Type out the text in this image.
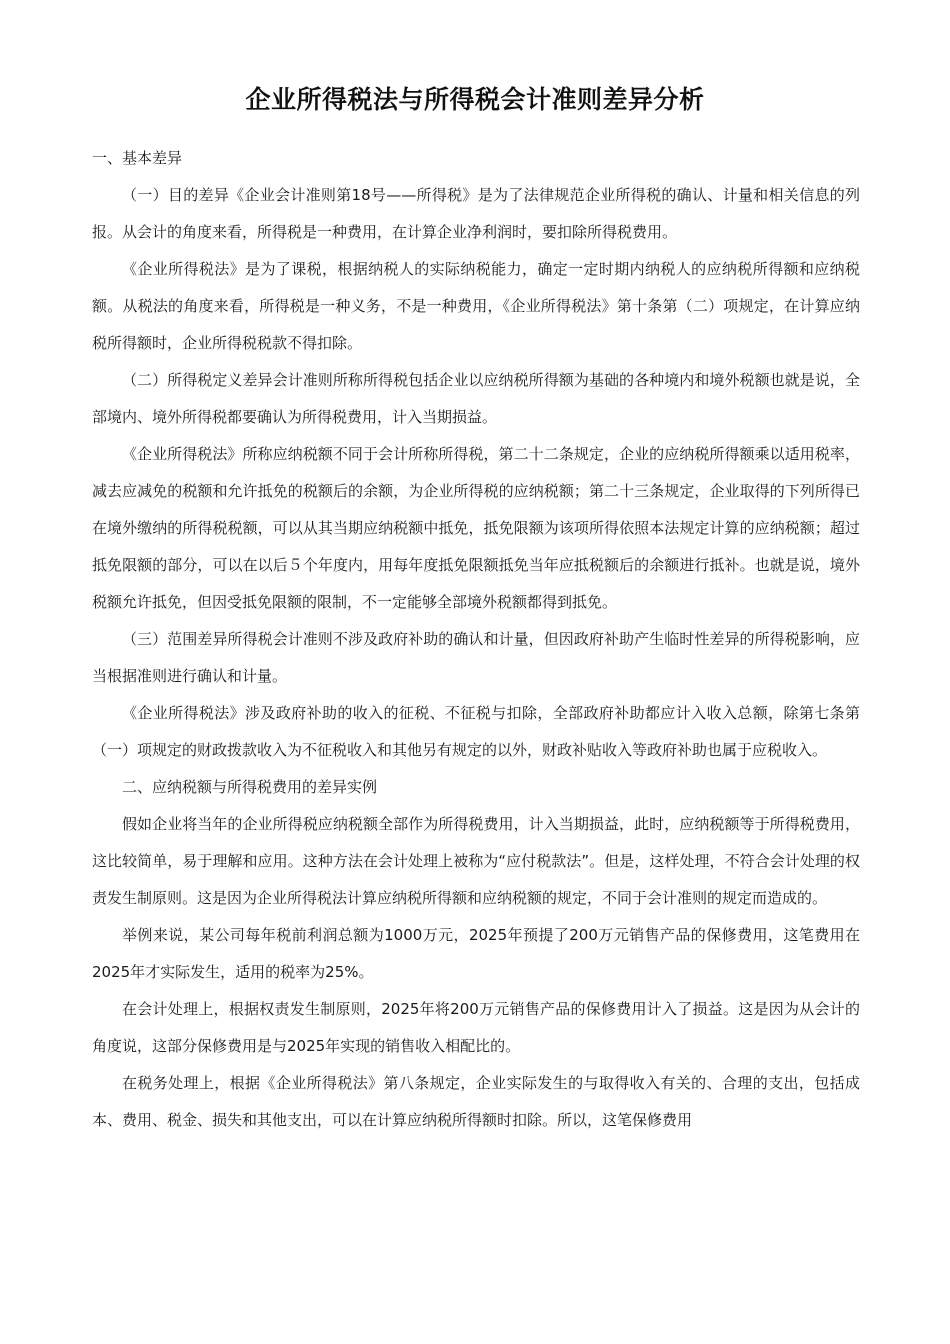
企业所得税法与所得税会计准则差异分析

一、基本差异

（一）目的差异《企业会计准则第18号——所得税》是为了法律规范企业所得税的确认、计量和相关信息的列报。从会计的角度来看，所得税是一种费用，在计算企业净利润时，要扣除所得税费用。

《企业所得税法》是为了课税，根据纳税人的实际纳税能力，确定一定时期内纳税人的应纳税所得额和应纳税额。从税法的角度来看，所得税是一种义务，不是一种费用，《企业所得税法》第十条第（二）项规定，在计算应纳税所得额时，企业所得税税款不得扣除。

（二）所得税定义差异会计准则所称所得税包括企业以应纳税所得额为基础的各种境内和境外税额也就是说，全部境内、境外所得税都要确认为所得税费用，计入当期损益。

《企业所得税法》所称应纳税额不同于会计所称所得税，第二十二条规定，企业的应纳税所得额乘以适用税率，减去应减免的税额和允许抵免的税额后的余额，为企业所得税的应纳税额；第二十三条规定，企业取得的下列所得已在境外缴纳的所得税税额，可以从其当期应纳税额中抵免，抵免限额为该项所得依照本法规定计算的应纳税额；超过抵免限额的部分，可以在以后５个年度内，用每年度抵免限额抵免当年应抵税额后的余额进行抵补。也就是说，境外税额允许抵免，但因受抵免限额的限制，不一定能够全部境外税额都得到抵免。

（三）范围差异所得税会计准则不涉及政府补助的确认和计量，但因政府补助产生临时性差异的所得税影响，应当根据准则进行确认和计量。

《企业所得税法》涉及政府补助的收入的征税、不征税与扣除，全部政府补助都应计入收入总额，除第七条第（一）项规定的财政拨款收入为不征税收入和其他另有规定的以外，财政补贴收入等政府补助也属于应税收入。

二、应纳税额与所得税费用的差异实例

假如企业将当年的企业所得税应纳税额全部作为所得税费用，计入当期损益，此时，应纳税额等于所得税费用，这比较简单，易于理解和应用。这种方法在会计处理上被称为“应付税款法”。但是，这样处理，不符合会计处理的权责发生制原则。这是因为企业所得税法计算应纳税所得额和应纳税额的规定，不同于会计准则的规定而造成的。

举例来说，某公司每年税前利润总额为1000万元，2025年预提了200万元销售产品的保修费用，这笔费用在2025年才实际发生，适用的税率为25%。

在会计处理上，根据权责发生制原则，2025年将200万元销售产品的保修费用计入了损益。这是因为从会计的角度说，这部分保修费用是与2025年实现的销售收入相配比的。

在税务处理上，根据《企业所得税法》第八条规定，企业实际发生的与取得收入有关的、合理的支出，包括成本、费用、税金、损失和其他支出，可以在计算应纳税所得额时扣除。所以，这笔保修费用
